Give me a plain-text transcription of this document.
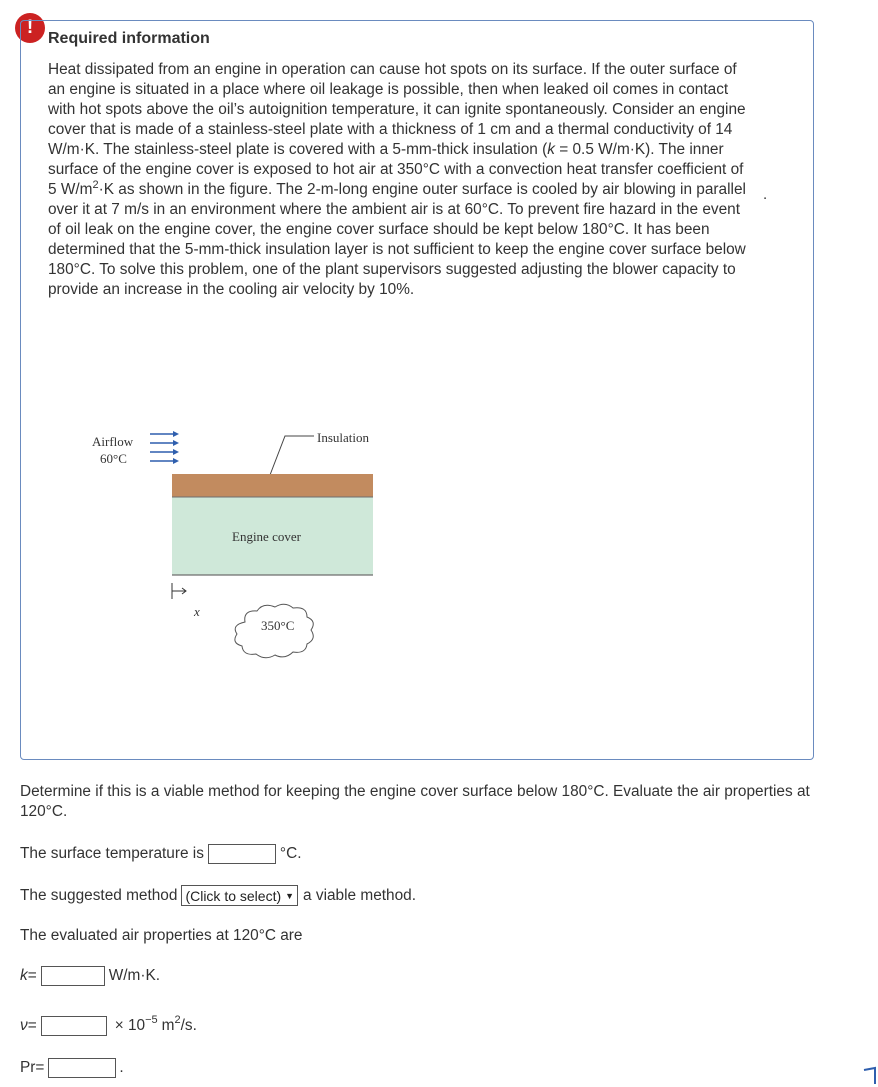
!
Required information

Heat dissipated from an engine in operation can cause hot spots on its surface. If the outer surface of an engine is situated in a place where oil leakage is possible, then when leaked oil comes in contact with hot spots above the oil’s autoignition temperature, it can ignite spontaneously. Consider an engine cover that is made of a stainless-steel plate with a thickness of 1 cm and a thermal conductivity of 14 W/m·K. The stainless-steel plate is covered with a 5-mm-thick insulation (k = 0.5 W/m·K). The inner surface of the engine cover is exposed to hot air at 350°C with a convection heat transfer coefficient of 5 $W/m^2\cdot K$ as shown in the figure. The 2-m-long engine outer surface is cooled by air blowing in parallel over it at 7 m/s in an environment where the ambient air is at 60°C. To prevent fire hazard in the event of oil leak on the engine cover, the engine cover surface should be kept below 180°C. It has been determined that the 5-mm-thick insulation layer is not sufficient to keep the engine cover surface below 180°C. To solve this problem, one of the plant supervisors suggested adjusting the blower capacity to provide an increase in the cooling air velocity by 10%.

.
Airflow
60°C
Insulation
Engine cover
x
350°C

Determine if this is a viable method for keeping the engine cover surface below 180°C. Evaluate the air properties at 120°C.

The surface temperature is	°C.
The suggested method (Click to select) ▼ a viable method.
The evaluated air properties at 120°C are
k =	W/m·K.
ν =	× 10 −5 m 2 /s.
Pr =	.
